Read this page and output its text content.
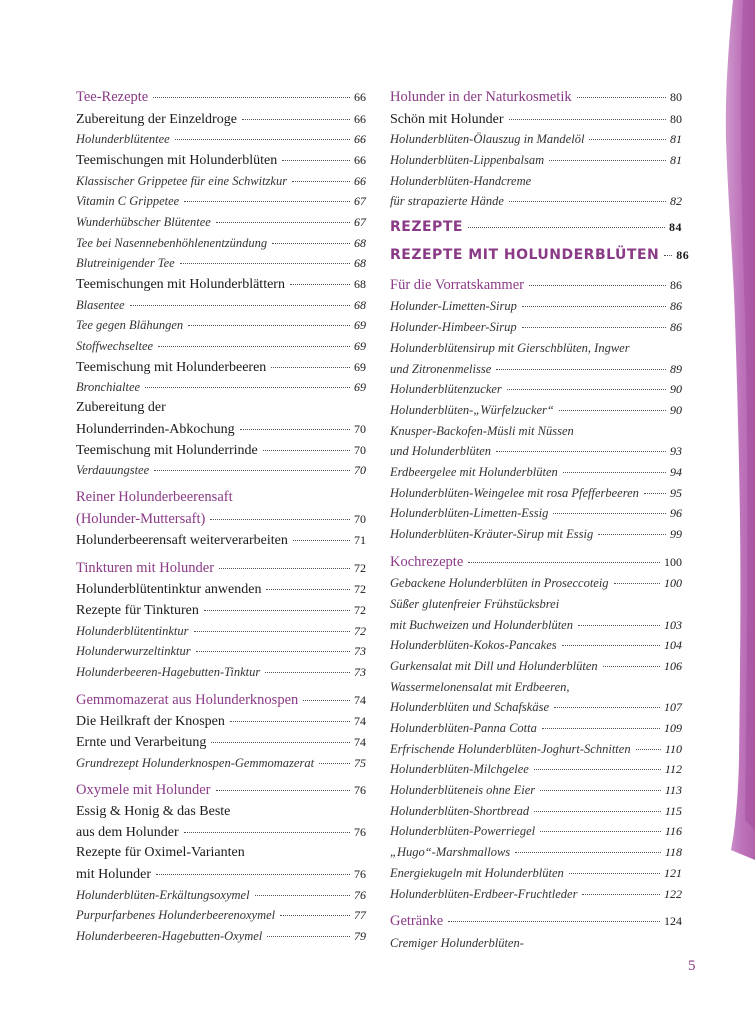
Tee-Rezepte	66
Zubereitung der Einzeldroge	66
Holunderblütentee	66
Teemischungen mit Holunderblüten	66
Klassischer Grippetee für eine Schwitzkur	66
Vitamin C Grippetee	67
Wunderhübscher Blütentee	67
Tee bei Nasennebenhöhlenentzündung	68
Blutreinigender Tee	68
Teemischungen mit Holunderblättern	68
Blasentee	68
Tee gegen Blähungen	69
Stoffwechseltee	69
Teemischung mit Holunderbeeren	69
Bronchialtee	69
Zubereitung der
Holunderrinden-Abkochung	70
Teemischung mit Holunderrinde	70
Verdauungstee	70
Reiner Holunderbeerensaft
(Holunder-Muttersaft)	70
Holunderbeerensaft weiterverarbeiten	71
Tinkturen mit Holunder	72
Holunderblütentinktur anwenden	72
Rezepte für Tinkturen	72
Holunderblütentinktur	72
Holunderwurzeltinktur	73
Holunderbeeren-Hagebutten-Tinktur	73
Gemmomazerat aus Holunderknospen	74
Die Heilkraft der Knospen	74
Ernte und Verarbeitung	74
Grundrezept Holunderknospen-Gemmomazerat	75
Oxymele mit Holunder	76
Essig & Honig & das Beste
aus dem Holunder	76
Rezepte für Oximel-Varianten
mit Holunder	76
Holunderblüten-Erkältungsoxymel	76
Purpurfarbenes Holunderbeerenoxymel	77
Holunderbeeren-Hagebutten-Oxymel	79
Holunder in der Naturkosmetik	80
Schön mit Holunder	80
Holunderblüten-Ölauszug in Mandelöl	81
Holunderblüten-Lippenbalsam	81
Holunderblüten-Handcreme
für strapazierte Hände	82
REZEPTE	84
REZEPTE MIT HOLUNDERBLÜTEN 86
Für die Vorratskammer	86
Holunder-Limetten-Sirup	86
Holunder-Himbeer-Sirup	86
Holunderblütensirup mit Gierschblüten, Ingwer
und Zitronenmelisse	89
Holunderblütenzucker	90
Holunderblüten-„Würfelzucker“	90
Knusper-Backofen-Müsli mit Nüssen
und Holunderblüten	93
Erdbeergelee mit Holunderblüten	94
Holunderblüten-Weingelee mit rosa Pfefferbeeren	95
Holunderblüten-Limetten-Essig	96
Holunderblüten-Kräuter-Sirup mit Essig	99
Kochrezepte	100
Gebackene Holunderblüten in Proseccoteig	100
Süßer glutenfreier Frühstücksbrei
mit Buchweizen und Holunderblüten	103
Holunderblüten-Kokos-Pancakes	104
Gurkensalat mit Dill und Holunderblüten	106
Wassermelonensalat mit Erdbeeren,
Holunderblüten und Schafskäse	107
Holunderblüten-Panna Cotta	109
Erfrischende Holunderblüten-Joghurt-Schnitten	110
Holunderblüten-Milchgelee	112
Holunderblüteneis ohne Eier	113
Holunderblüten-Shortbread	115
Holunderblüten-Powerriegel	116
„Hugo“-Marshmallows	118
Energiekugeln mit Holunderblüten	121
Holunderblüten-Erdbeer-Fruchtleder	122
Getränke	124
Cremiger Holunderblüten-
5
